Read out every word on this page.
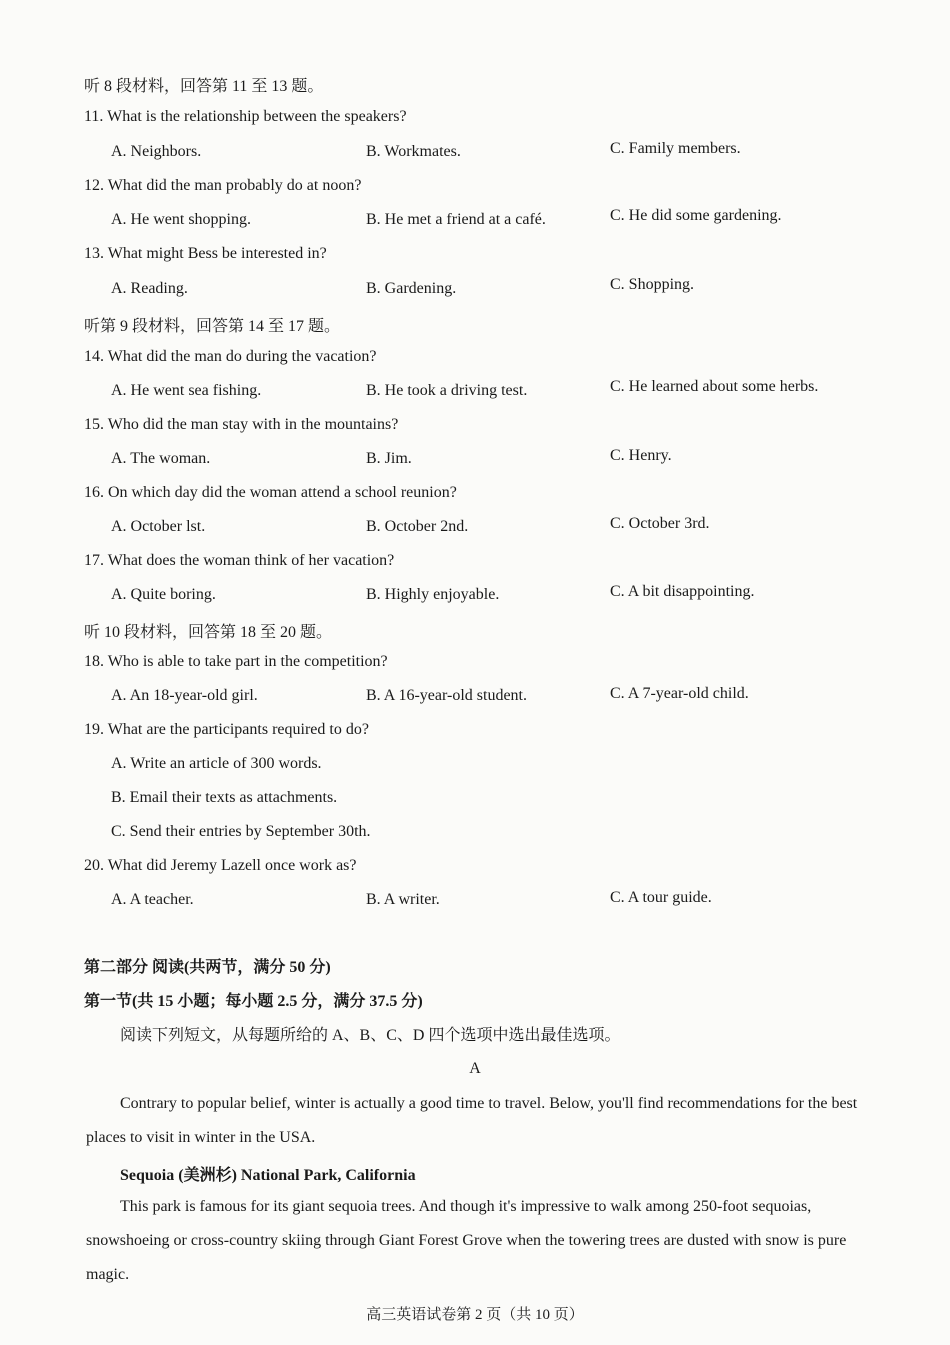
听 8 段材料，回答第 11 至 13 题。
11. What is the relationship between the speakers?
A. Neighbors.	B. Workmates.	C. Family members.
12. What did the man probably do at noon?
A. He went shopping.	B. He met a friend at a café.	C. He did some gardening.
13. What might Bess be interested in?
A. Reading.	B. Gardening.	C. Shopping.
听第 9 段材料，回答第 14 至 17 题。
14. What did the man do during the vacation?
A. He went sea fishing.	B. He took a driving test.	C. He learned about some herbs.
15. Who did the man stay with in the mountains?
A. The woman.	B. Jim.	C. Henry.
16. On which day did the woman attend a school reunion?
A. October lst.	B. October 2nd.	C. October 3rd.
17. What does the woman think of her vacation?
A. Quite boring.	B. Highly enjoyable.	C. A bit disappointing.
听 10 段材料，回答第 18 至 20 题。
18. Who is able to take part in the competition?
A. An 18-year-old girl.	B. A 16-year-old student.	C. A 7-year-old child.
19. What are the participants required to do?
A. Write an article of 300 words.
B. Email their texts as attachments.
C. Send their entries by September 30th.
20. What did Jeremy Lazell once work as?
A. A teacher.	B. A writer.	C. A tour guide.
第二部分 阅读(共两节，满分 50 分)
第一节(共 15 小题；每小题 2.5 分，满分 37.5 分)
阅读下列短文，从每题所给的 A、B、C、D 四个选项中选出最佳选项。
A
Contrary to popular belief, winter is actually a good time to travel. Below, you'll find recommendations for the best places to visit in winter in the USA.
Sequoia (美洲杉) National Park, California
This park is famous for its giant sequoia trees. And though it's impressive to walk among 250-foot sequoias, snowshoeing or cross-country skiing through Giant Forest Grove when the towering trees are dusted with snow is pure magic.
高三英语试卷第 2 页（共 10 页）
